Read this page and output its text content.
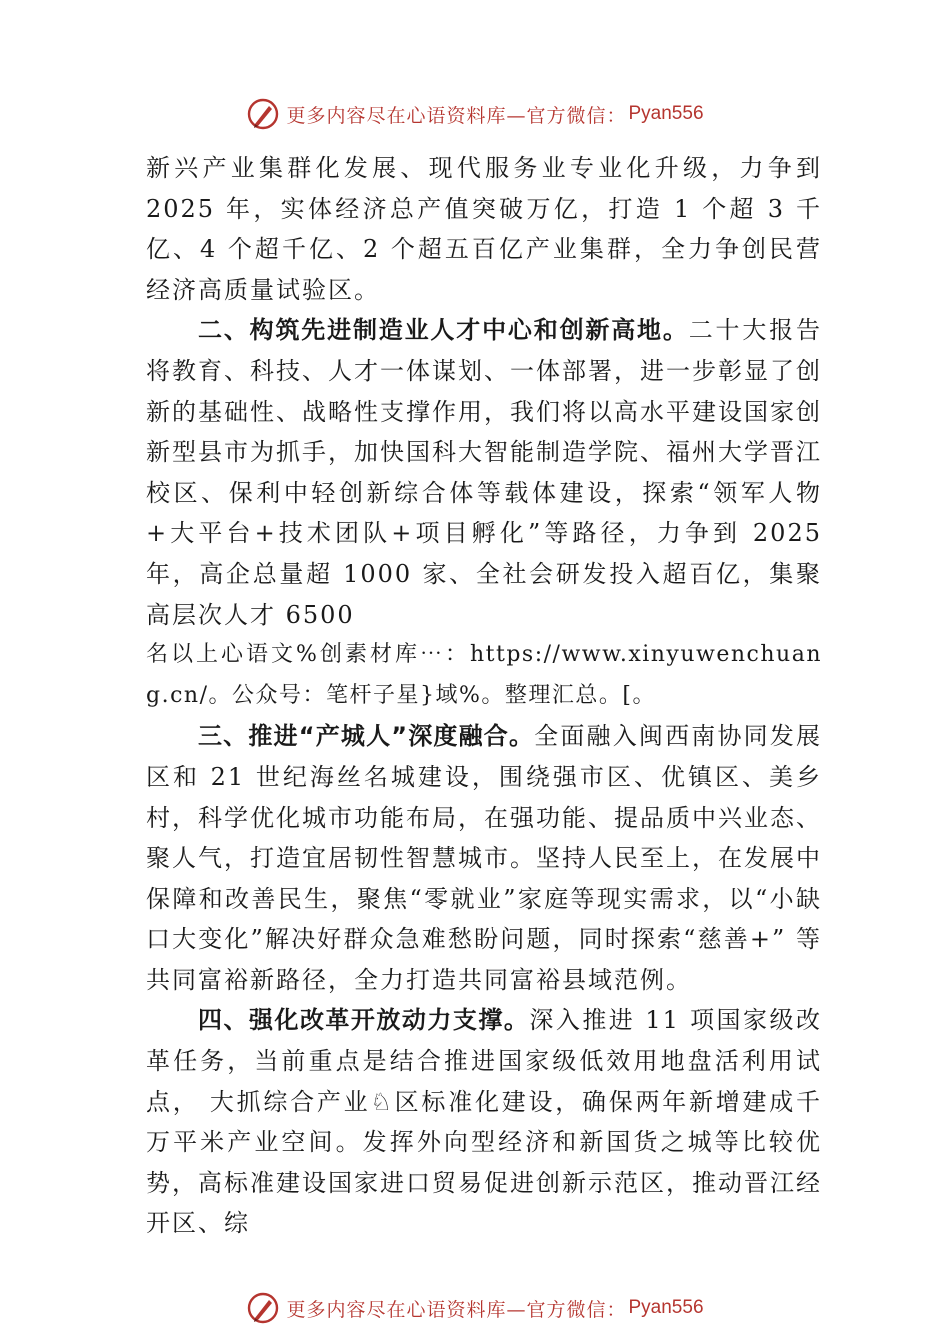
更多内容尽在心语资料库—官方微信： Pyan556

新兴产业集群化发展、现代服务业专业化升级，力争到 2025 年，实体经济总产值突破万亿，打造 1 个超 3 千亿、4 个超千亿、2 个超五百亿产业集群，全力争创民营经济高质量试验区。

二、构筑先进制造业人才中心和创新高地。二十大报告将教育、科技、人才一体谋划、一体部署，进一步彰显了创新的基础性、战略性支撑作用，我们将以高水平建设国家创新型县市为抓手，加快国科大智能制造学院、福州大学晋江校区、保利中轻创新综合体等载体建设，探索“领军人物+大平台+技术团队+项目孵化”等路径，力争到 2025 年，高企总量超 1000 家、全社会研发投入超百亿，集聚高层次人才 6500

名以上心语文%创素材库⋯：https://www.xinyuwenchuang.cn/。公众号：笔杆子星}域%。整理汇总。[。

三、推进“产城人”深度融合。全面融入闽西南协同发展区和 21 世纪海丝名城建设，围绕强市区、优镇区、美乡村，科学优化城市功能布局，在强功能、提品质中兴业态、 聚人气，打造宜居韧性智慧城市。坚持人民至上，在发展中保障和改善民生，聚焦“零就业”家庭等现实需求，以“小缺口大变化”解决好群众急难愁盼问题，同时探索“慈善+” 等共同富裕新路径，全力打造共同富裕县域范例。

四、强化改革开放动力支撑。深入推进 11 项国家级改革任务，当前重点是结合推进国家级低效用地盘活利用试点， 大抓综合产业♘区标准化建设，确保两年新增建成千万平米产业空间。发挥外向型经济和新国货之城等比较优势，高标准建设国家进口贸易促进创新示范区，推动晋江经开区、综

更多内容尽在心语资料库—官方微信： Pyan556
